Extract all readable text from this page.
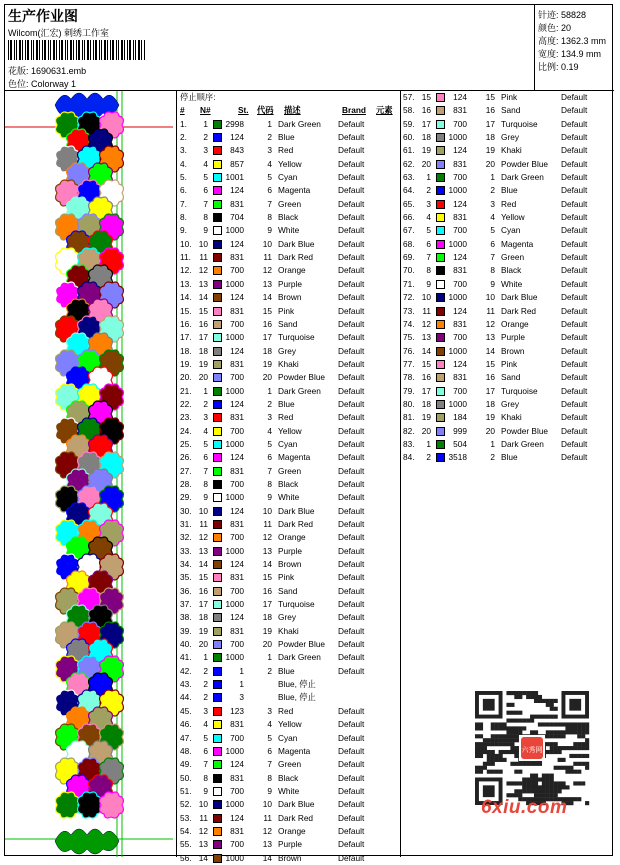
生产作业图
Wilcom(汇宏) 刺绣工作室
花版: 1690631.emb
色位: Colorway 1
针迹: 58828
颜色: 20
高度: 1362.3 mm
宽度: 134.9 mm
比例: 0.19
停止顺序:
# N#	St. 代码 描述	Brand 元素
1.	1	2998	1 Dark Green Default
2.	2	124	2 Blue	Default
3.	3	843	3 Red	Default
4.	4	857	4 Yellow	Default
5.	5	1001	5 Cyan	Default
6.	6	124	6 Magenta	Default
7.	7	831	7 Green	Default
8.	8	704	8 Black	Default
9.	9	1000	9 White	Default
10. 10	124	10 Dark Blue	Default
11.	11	831	11 Dark Red	Default
12. 12	700	12 Orange	Default
13. 13	1000	13 Purple	Default
14. 14	124	14 Brown	Default
15. 15	831	15 Pink	Default
16. 16	700	16 Sand	Default
17. 17	1000	17 Turquoise	Default
18. 18	124	18 Grey	Default
19. 19	831	19 Khaki	Default
20. 20	700	20 Powder Blue Default
21.	1	1000	1 Dark Green Default
22.	2	124	2 Blue	Default
23.	3	831	3 Red	Default
24.	4	700	4 Yellow	Default
25.	5	1000	5 Cyan	Default
26.	6	124	6 Magenta	Default
27.	7	831	7 Green	Default
28.	8	700	8 Black	Default
29.	9	1000	9 White	Default
30. 10	124	10 Dark Blue	Default
31. 11	831	11 Dark Red	Default
32. 12	700	12 Orange	Default
33. 13	1000	13 Purple	Default
34. 14	124	14 Brown	Default
35. 15	831	15 Pink	Default
36. 16	700	16 Sand	Default
37. 17	1000	17 Turquoise	Default
38. 18	124	18 Grey	Default
39. 19	831	19 Khaki	Default
40. 20	700	20 Powder Blue Default
41.	1	1000	1 Dark Green Default
42.	2	1	2 Blue	Default
43.	2	1	Blue, 停止
44.	2	3	Blue, 停止
45.	3	123	3 Red	Default
46.	4	831	4 Yellow	Default
47.	5	700	5 Cyan	Default
48.	6	1000	6 Magenta	Default
49.	7	124	7 Green	Default
50.	8	831	8 Black	Default
51.	9	700	9 White	Default
52. 10	1000	10 Dark Blue	Default
53. 11	124	11 Dark Red	Default
54. 12	831	12 Orange	Default
55. 13	700	13 Purple	Default
56. 14	1000	14 Brown	Default
57. 15	124	15 Pink	Default
58. 16	831	16 Sand	Default
59. 17	700	17 Turquoise	Default
60. 18	1000	18 Grey	Default
61. 19	124	19 Khaki	Default
62. 20	831	20 Powder Blue Default
63.	1	700	1 Dark Green Default
64.	2	1000	2 Blue	Default
65.	3	124	3 Red	Default
66.	4	831	4 Yellow	Default
67.	5	700	5 Cyan	Default
68.	6	1000	6 Magenta	Default
69.	7	124	7 Green	Default
70.	8	831	8 Black	Default
71.	9	700	9 White	Default
72. 10	1000	10 Dark Blue	Default
73. 11	124	11 Dark Red	Default
74. 12	831	12 Orange	Default
75. 13	700	13 Purple	Default
76. 14	1000	14 Brown	Default
77. 15	124	15 Pink	Default
78. 16	831	16 Sand	Default
79. 17	700	17 Turquoise	Default
80. 18	1000	18 Grey	Default
81. 19	184	19 Khaki	Default
82. 20	999	20 Powder Blue Default
83.	1	504	1 Dark Green Default
84.	2	3518	2 Blue	Default
六秀网
6xiu.com
